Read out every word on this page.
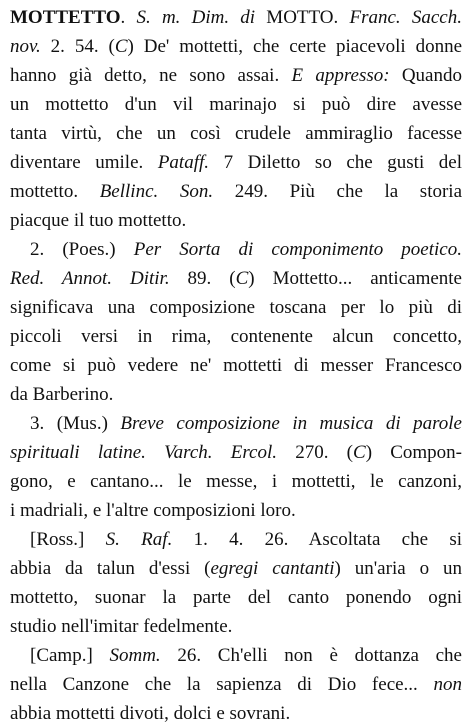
MOTTETTO. S. m. Dim. di MOTTO. Franc. Sacch.
nov. 2. 54. (C) De' mottetti, che certe piacevoli donne
hanno già detto, ne sono assai. E appresso: Quando
un mottetto d'un vil marinajo si può dire avesse
tanta virtù, che un così crudele ammiraglio facesse
diventare umile. Pataff. 7 Diletto so che gusti del
mottetto. Bellinc. Son. 249. Più che la storia
piacque il tuo mottetto.
2. (Poes.) Per Sorta di componimento poetico.
Red. Annot. Ditir. 89. (C) Mottetto... anticamente
significava una composizione toscana per lo più di
piccoli versi in rima, contenente alcun concetto,
come si può vedere ne' mottetti di messer Francesco
da Barberino.
3. (Mus.) Breve composizione in musica di parole
spirituali latine. Varch. Ercol. 270. (C) Compon-
gono, e cantano... le messe, i mottetti, le canzoni,
i madriali, e l'altre composizioni loro.
[Ross.] S. Raf. 1. 4. 26. Ascoltata che si
abbia da talun d'essi (egregi cantanti) un'aria o un
mottetto, suonar la parte del canto ponendo ogni
studio nell'imitar fedelmente.
[Camp.] Somm. 26. Ch'elli non è dottanza che
nella Canzone che la sapienza di Dio fece... non
abbia mottetti divoti, dolci e sovrani.
